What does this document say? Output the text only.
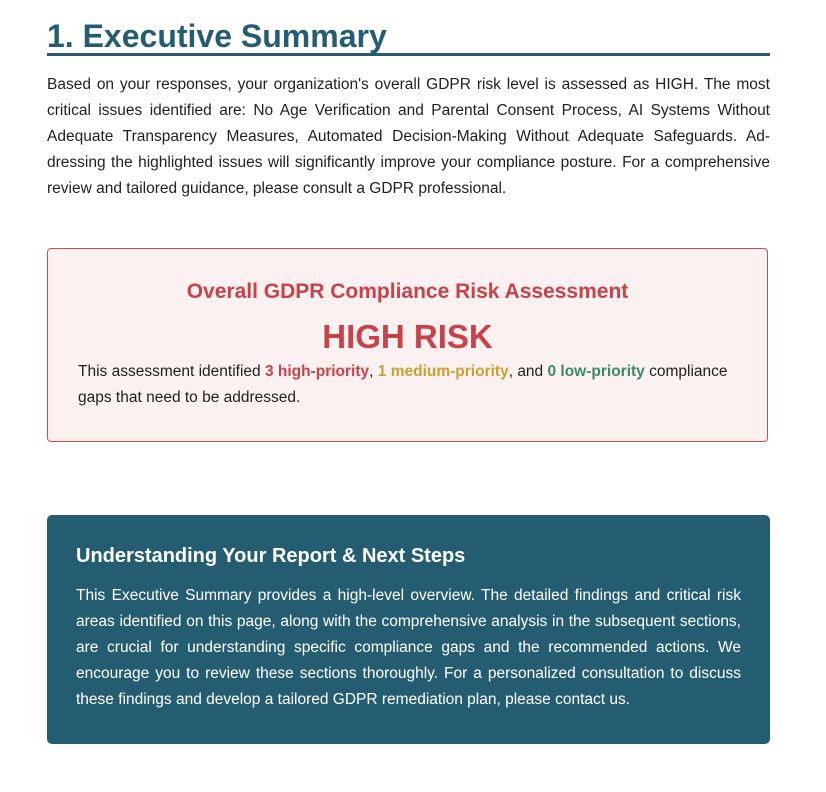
1. Executive Summary

Based on your responses, your organization's overall GDPR risk level is assessed as HIGH. The most critical issues identified are: No Age Verification and Parental Consent Process, AI Systems Without Adequate Transparency Measures, Automated Decision-Making Without Adequate Safeguards. Addressing the highlighted issues will significantly improve your compliance posture. For a comprehensive review and tailored guidance, please consult a GDPR professional.

Overall GDPR Compliance Risk Assessment
HIGH RISK
This assessment identified 3 high-priority, 1 medium-priority, and 0 low-priority compliance gaps that need to be addressed.
Understanding Your Report & Next Steps

This Executive Summary provides a high-level overview. The detailed findings and critical risk areas identified on this page, along with the comprehensive analysis in the subsequent sections, are crucial for understanding specific compliance gaps and the recommended actions. We encourage you to review these sections thoroughly. For a personalized consultation to discuss these findings and develop a tailored GDPR remediation plan, please contact us.
